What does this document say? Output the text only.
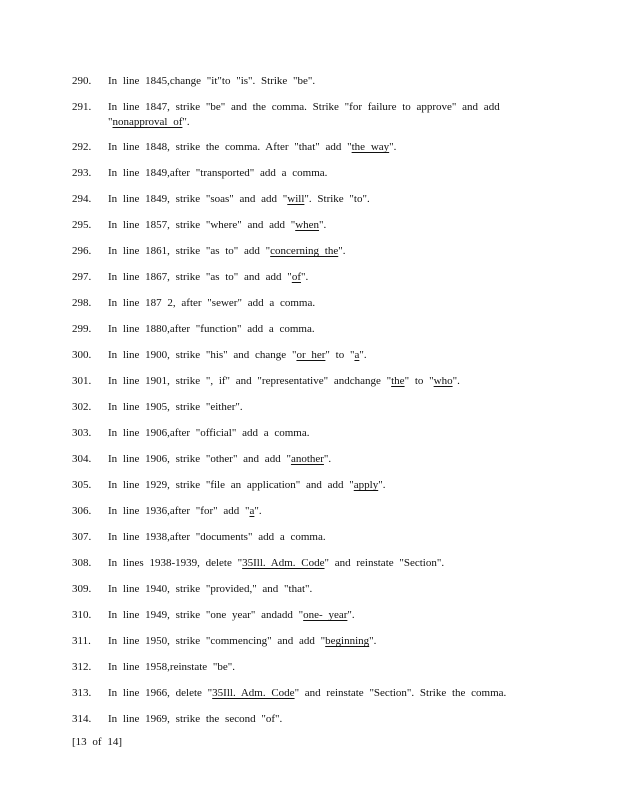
290.	In line 1845,change "it"to "is". Strike "be".
291.	In line 1847, strike "be" and the comma. Strike "for failure to approve" and add "nonapproval of".
292.	In line 1848, strike the comma. After "that" add "the way".
293.	In line 1849,after "transported" add a comma.
294.	In line 1849, strike "soas" and add "will". Strike "to".
295.	In line 1857, strike "where" and add "when".
296.	In line 1861, strike "as to" add "concerning the".
297.	In line 1867, strike "as to" and add "of".
298.	In line 187 2, after "sewer" add a comma.
299.	In line 1880,after "function" add a comma.
300.	In line 1900, strike "his" and change "or her" to "a".
301.	In line 1901, strike ", if" and "representative" andchange "the" to "who".
302.	In line 1905, strike "either".
303.	In line 1906,after "official" add a comma.
304.	In line 1906, strike "other" and add "another".
305.	In line 1929, strike "file an application" and add "apply".
306.	In line 1936,after "for" add "a".
307.	In line 1938,after "documents" add a comma.
308.	In lines 1938-1939, delete "35Ill. Adm. Code" and reinstate "Section".
309.	In line 1940, strike "provided," and "that".
310.	In line 1949, strike "one year" andadd "one- year".
311.	In line 1950, strike "commencing" and add "beginning".
312.	In line 1958,reinstate "be".
313.	In line 1966, delete "35Ill. Adm. Code" and reinstate "Section". Strike the comma.
314.	In line 1969, strike the second "of".
[13 of 14]
